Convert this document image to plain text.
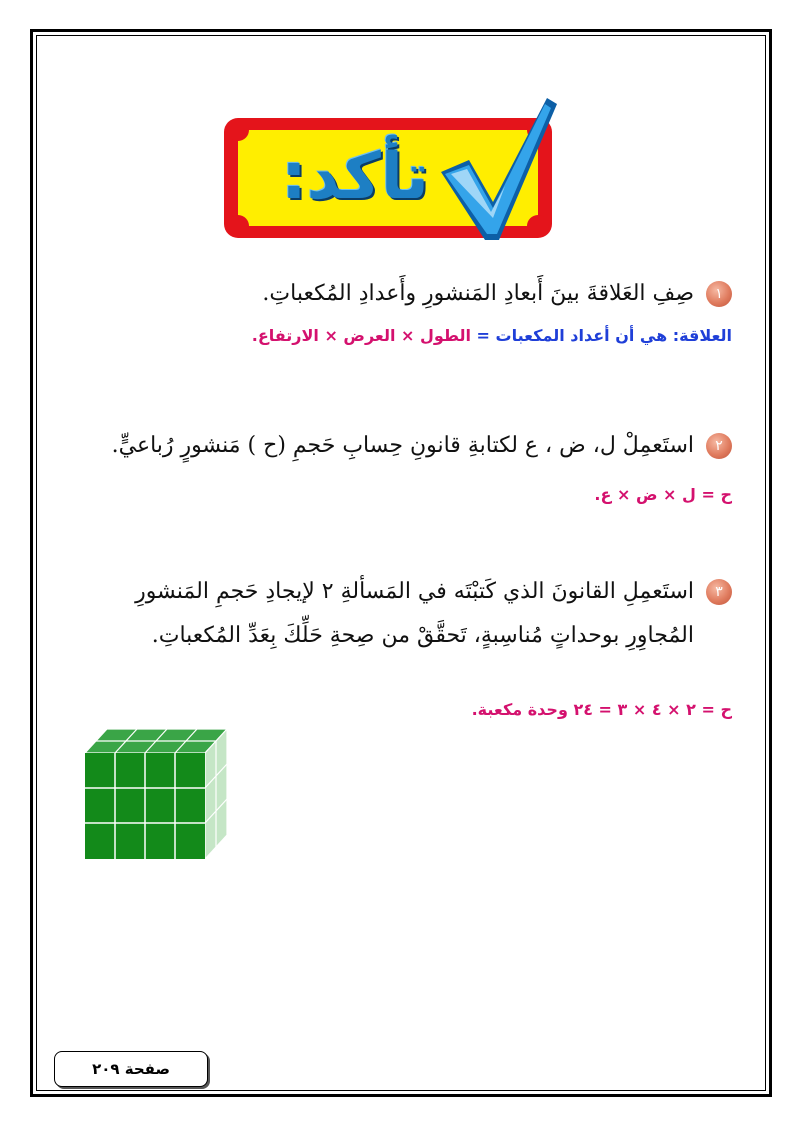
تأكد:
١صِفِ العَلاقةَ بينَ أَبعادِ المَنشورِ وأَعدادِ المُكعباتِ.
العلاقة: هي أن أعداد المكعبات = الطول × العرض × الارتفاع.
٢استَعمِلْ ل، ض ، ع لكتابةِ قانونِ حِسابِ حَجمِ (ح ) مَنشورٍ رُباعيٍّ.
ح = ل × ض × ع.
٣استَعمِلِ القانونَ الذي كَتبْتَه في المَسألةِ ٢ لإيجادِ حَجمِ المَنشورِ
المُجاوِرِ بوحداتٍ مُناسِبةٍ، تَحقَّقْ من صِحةِ حَلِّكَ بِعَدِّ المُكعباتِ.
ح = ٢ × ٤ × ٣ = ٢٤ وحدة مكعبة.
صفحة ٢٠٩
